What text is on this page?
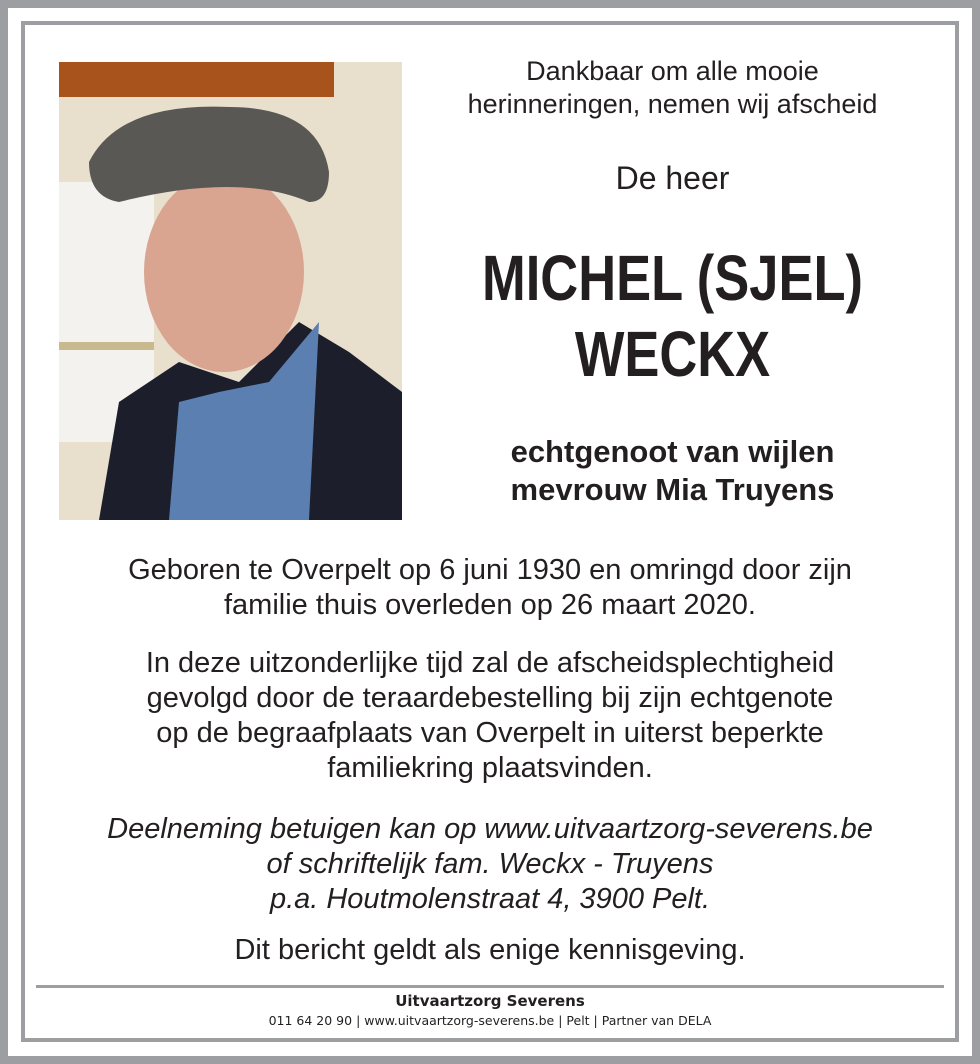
Dankbaar om alle mooie
herinneringen, nemen wij afscheid
De heer
MICHEL (SJEL)
WECKX
echtgenoot van wijlen
mevrouw Mia Truyens
Geboren te Overpelt op 6 juni 1930 en omringd door zijn
familie thuis overleden op 26 maart 2020.
In deze uitzonderlijke tijd zal de afscheidsplechtigheid
gevolgd door de teraardebestelling bij zijn echtgenote
op de begraafplaats van Overpelt in uiterst beperkte
familiekring plaatsvinden.
Deelneming betuigen kan op www.uitvaartzorg-severens.be
of schriftelijk fam. Weckx - Truyens
p.a. Houtmolenstraat 4, 3900 Pelt.
Dit bericht geldt als enige kennisgeving.
Uitvaartzorg Severens
011 64 20 90 | www.uitvaartzorg-severens.be | Pelt | Partner van DELA
